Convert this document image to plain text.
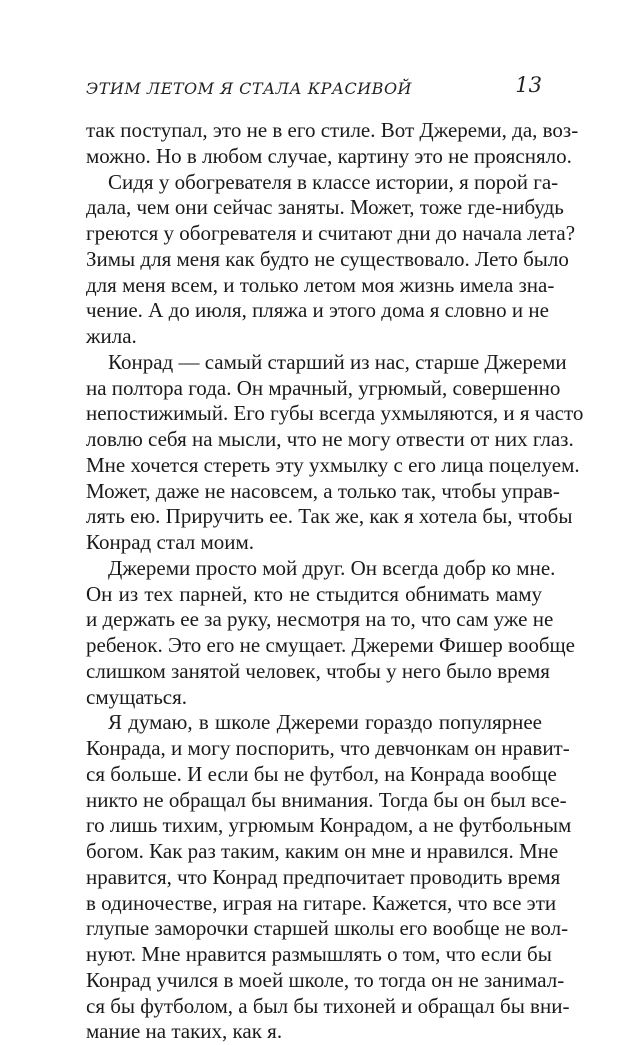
ЭТИМ ЛЕТОМ Я СТАЛА КРАСИВОЙ	13
так поступал, это не в его стиле. Вот Джереми, да, воз-
можно. Но в любом случае, картину это не проясняло.
Сидя у обогревателя в классе истории, я порой га-
дала, чем они сейчас заняты. Может, тоже где-нибудь
греются у обогревателя и считают дни до начала лета?
Зимы для меня как будто не существовало. Лето было
для меня всем, и только летом моя жизнь имела зна-
чение. А до июля, пляжа и этого дома я словно и не
жила.
Конрад — самый старший из нас, старше Джереми
на полтора года. Он мрачный, угрюмый, совершенно
непостижимый. Его губы всегда ухмыляются, и я часто
ловлю себя на мысли, что не могу отвести от них глаз.
Мне хочется стереть эту ухмылку с его лица поцелуем.
Может, даже не насовсем, а только так, чтобы управ-
лять ею. Приручить ее. Так же, как я хотела бы, чтобы
Конрад стал моим.
Джереми просто мой друг. Он всегда добр ко мне.
Он из тех парней, кто не стыдится обнимать маму
и держать ее за руку, несмотря на то, что сам уже не
ребенок. Это его не смущает. Джереми Фишер вообще
слишком занятой человек, чтобы у него было время
смущаться.
Я думаю, в школе Джереми гораздо популярнее
Конрада, и могу поспорить, что девчонкам он нравит-
ся больше. И если бы не футбол, на Конрада вообще
никто не обращал бы внимания. Тогда бы он был все-
го лишь тихим, угрюмым Конрадом, а не футбольным
богом. Как раз таким, каким он мне и нравился. Мне
нравится, что Конрад предпочитает проводить время
в одиночестве, играя на гитаре. Кажется, что все эти
глупые заморочки старшей школы его вообще не вол-
нуют. Мне нравится размышлять о том, что если бы
Конрад учился в моей школе, то тогда он не занимал-
ся бы футболом, а был бы тихоней и обращал бы вни-
мание на таких, как я.
